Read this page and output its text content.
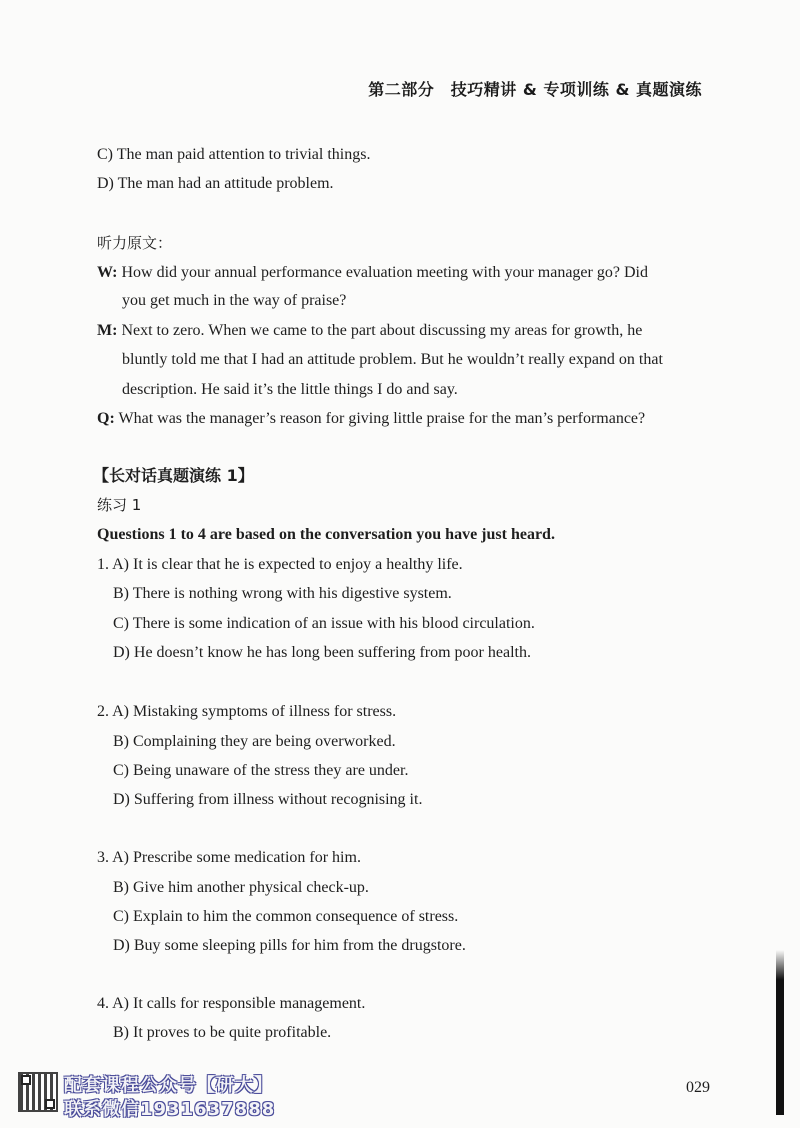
第二部分　技巧精讲 & 专项训练 & 真题演练
C) The man paid attention to trivial things.
D) The man had an attitude problem.
听力原文：
W: How did your annual performance evaluation meeting with your manager go? Did
you get much in the way of praise?
M: Next to zero. When we came to the part about discussing my areas for growth, he
bluntly told me that I had an attitude problem. But he wouldn’t really expand on that
description. He said it’s the little things I do and say.
Q: What was the manager’s reason for giving little praise for the man’s performance?
【长对话真题演练 1】
练习 1
Questions 1 to 4 are based on the conversation you have just heard.
1. A) It is clear that he is expected to enjoy a healthy life.
B) There is nothing wrong with his digestive system.
C) There is some indication of an issue with his blood circulation.
D) He doesn’t know he has long been suffering from poor health.
2. A) Mistaking symptoms of illness for stress.
B) Complaining they are being overworked.
C) Being unaware of the stress they are under.
D) Suffering from illness without recognising it.
3. A) Prescribe some medication for him.
B) Give him another physical check-up.
C) Explain to him the common consequence of stress.
D) Buy some sleeping pills for him from the drugstore.
4. A) It calls for responsible management.
B) It proves to be quite profitable.
029
配套课程公众号【研大】
联系微信1931637888
